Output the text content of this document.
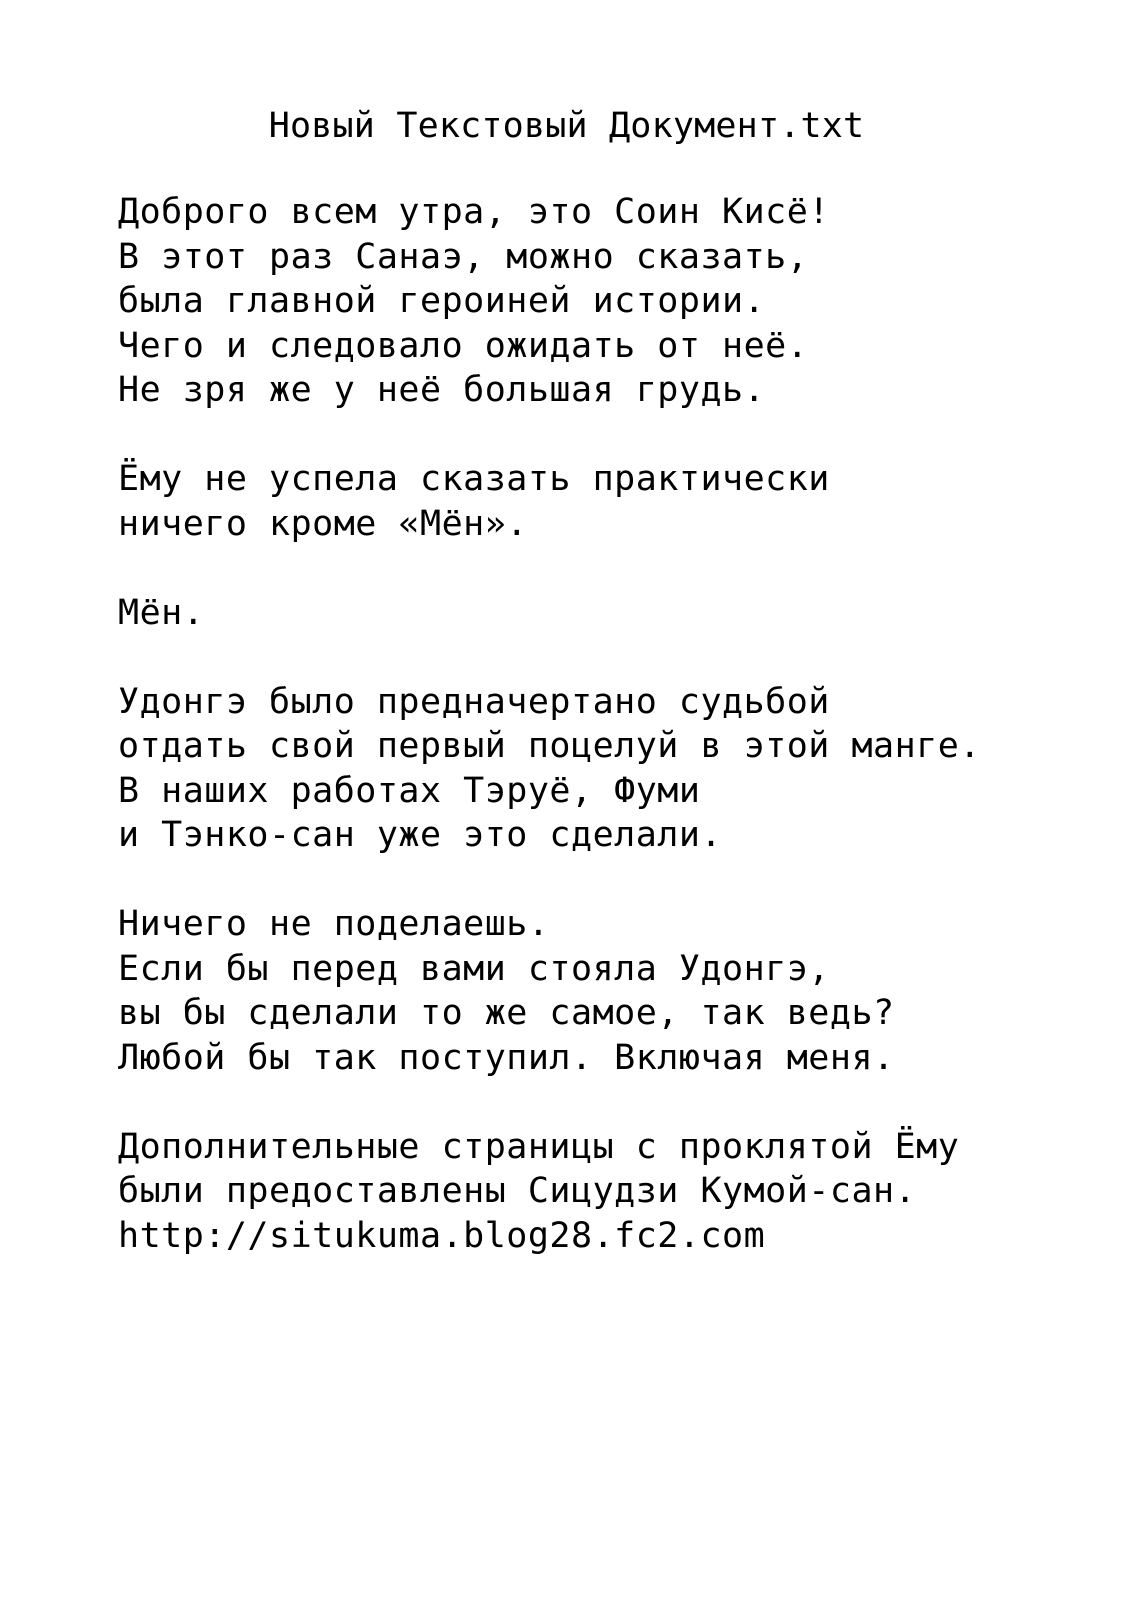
Новый Текстовый Документ.txt
Доброго всем утра, это Соин Кисё!
В этот раз Санаэ, можно сказать,
была главной героиней истории.
Чего и следовало ожидать от неё.
Не зря же у неё большая грудь.
Ёму не успела сказать практически
ничего кроме «Мён».
Мён.
Удонгэ было предначертано судьбой
отдать свой первый поцелуй в этой манге.
В наших работах Тэруё, Фуми
и Тэнко-сан уже это сделали.
Ничего не поделаешь.
Если бы перед вами стояла Удонгэ,
вы бы сделали то же самое, так ведь?
Любой бы так поступил. Включая меня.
Дополнительные страницы с проклятой Ёму
были предоставлены Сицудзи Кумой-сан.
http://situkuma.blog28.fc2.com
